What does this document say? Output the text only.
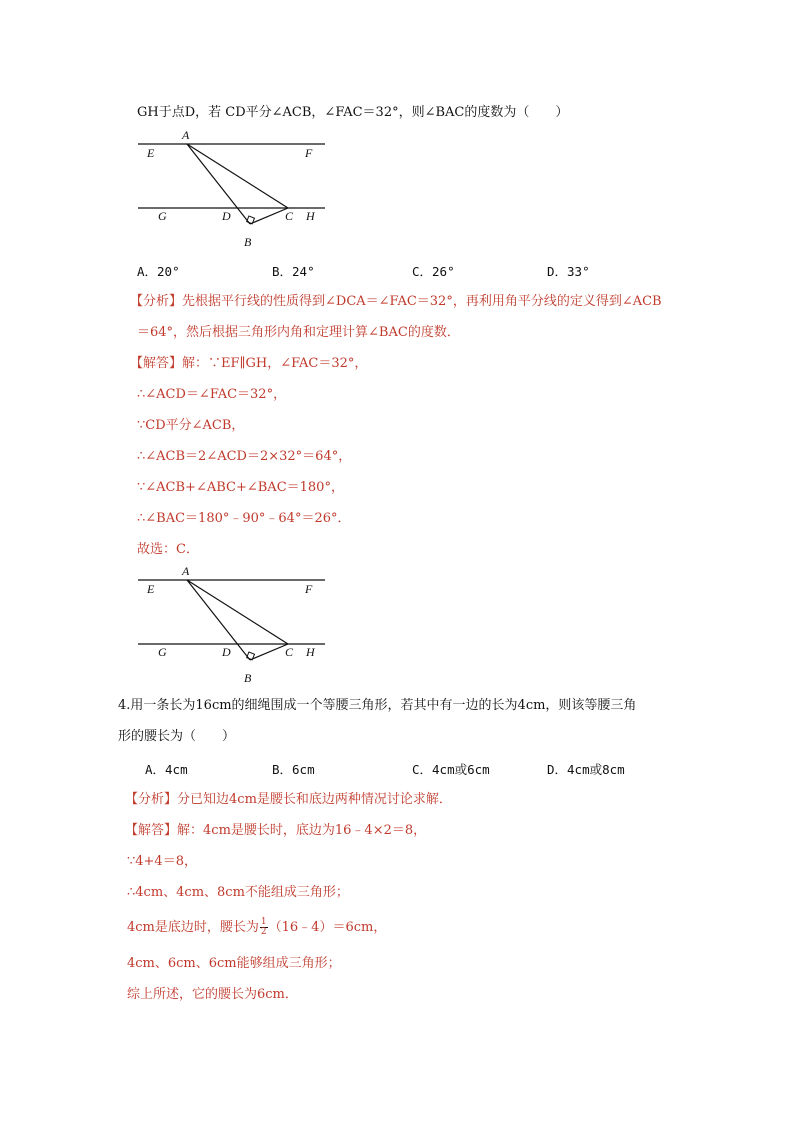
GH于点D，若 CD平分∠ACB，∠FAC＝32°，则∠BAC的度数为（　　）
A
E	F
G	D	C H
B
A．20°	B．24°	C．26°	D．33°
【分析】先根据平行线的性质得到∠DCA＝∠FAC＝32°，再利用角平分线的定义得到∠ACB
＝64°，然后根据三角形内角和定理计算∠BAC的度数．
【解答】解：∵EF∥GH，∠FAC＝32°，
∴∠ACD＝∠FAC＝32°，
∵CD平分∠ACB，
∴∠ACB＝2∠ACD＝2×32°＝64°，
∵∠ACB+∠ABC+∠BAC＝180°，
∴∠BAC＝180°﹣90°﹣64°＝26°．
故选：C．
A
E	F
G	D	C H
B
4.用一条长为16cm的细绳围成一个等腰三角形，若其中有一边的长为4cm，则该等腰三角
形的腰长为（　　）
A．4cm	B．6cm	C．4cm或6cm	D．4cm或8cm
【分析】分已知边4cm是腰长和底边两种情况讨论求解．
【解答】解：4cm是腰长时，底边为16﹣4×2＝8，
∵4+4＝8，
∴4cm、4cm、8cm不能组成三角形；
4cm是底边时，腰长为 $\frac{1}{2}$ （16﹣4）＝6cm，
4cm、6cm、6cm能够组成三角形；
综上所述，它的腰长为6cm．
